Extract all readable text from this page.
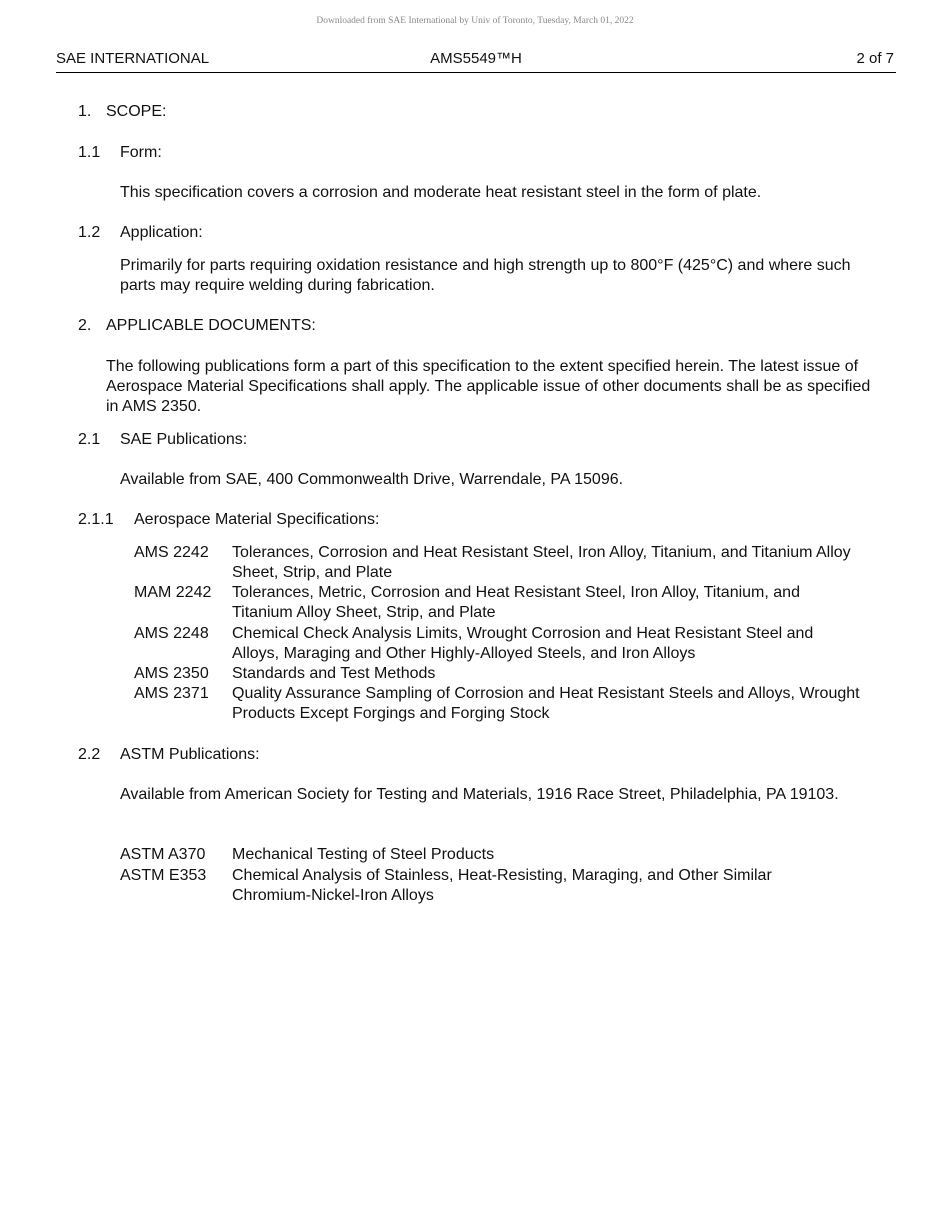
Downloaded from SAE International by Univ of Toronto, Tuesday, March 01, 2022
SAE INTERNATIONAL	AMS5549™H	2 of 7
1. SCOPE:
1.1 Form:
This specification covers a corrosion and moderate heat resistant steel in the form of plate.
1.2 Application:
Primarily for parts requiring oxidation resistance and high strength up to 800°F (425°C) and where such parts may require welding during fabrication.
2. APPLICABLE DOCUMENTS:
The following publications form a part of this specification to the extent specified herein. The latest issue of Aerospace Material Specifications shall apply. The applicable issue of other documents shall be as specified in AMS 2350.
2.1 SAE Publications:
Available from SAE, 400 Commonwealth Drive, Warrendale, PA 15096.
2.1.1 Aerospace Material Specifications:
AMS 2242 Tolerances, Corrosion and Heat Resistant Steel, Iron Alloy, Titanium, and Titanium Alloy Sheet, Strip, and Plate
MAM 2242 Tolerances, Metric, Corrosion and Heat Resistant Steel, Iron Alloy, Titanium, and Titanium Alloy Sheet, Strip, and Plate
AMS 2248 Chemical Check Analysis Limits, Wrought Corrosion and Heat Resistant Steel and Alloys, Maraging and Other Highly-Alloyed Steels, and Iron Alloys
AMS 2350 Standards and Test Methods
AMS 2371 Quality Assurance Sampling of Corrosion and Heat Resistant Steels and Alloys, Wrought Products Except Forgings and Forging Stock
2.2 ASTM Publications:
Available from American Society for Testing and Materials, 1916 Race Street, Philadelphia, PA 19103.
ASTM A370 Mechanical Testing of Steel Products
ASTM E353 Chemical Analysis of Stainless, Heat-Resisting, Maraging, and Other Similar Chromium-Nickel-Iron Alloys
